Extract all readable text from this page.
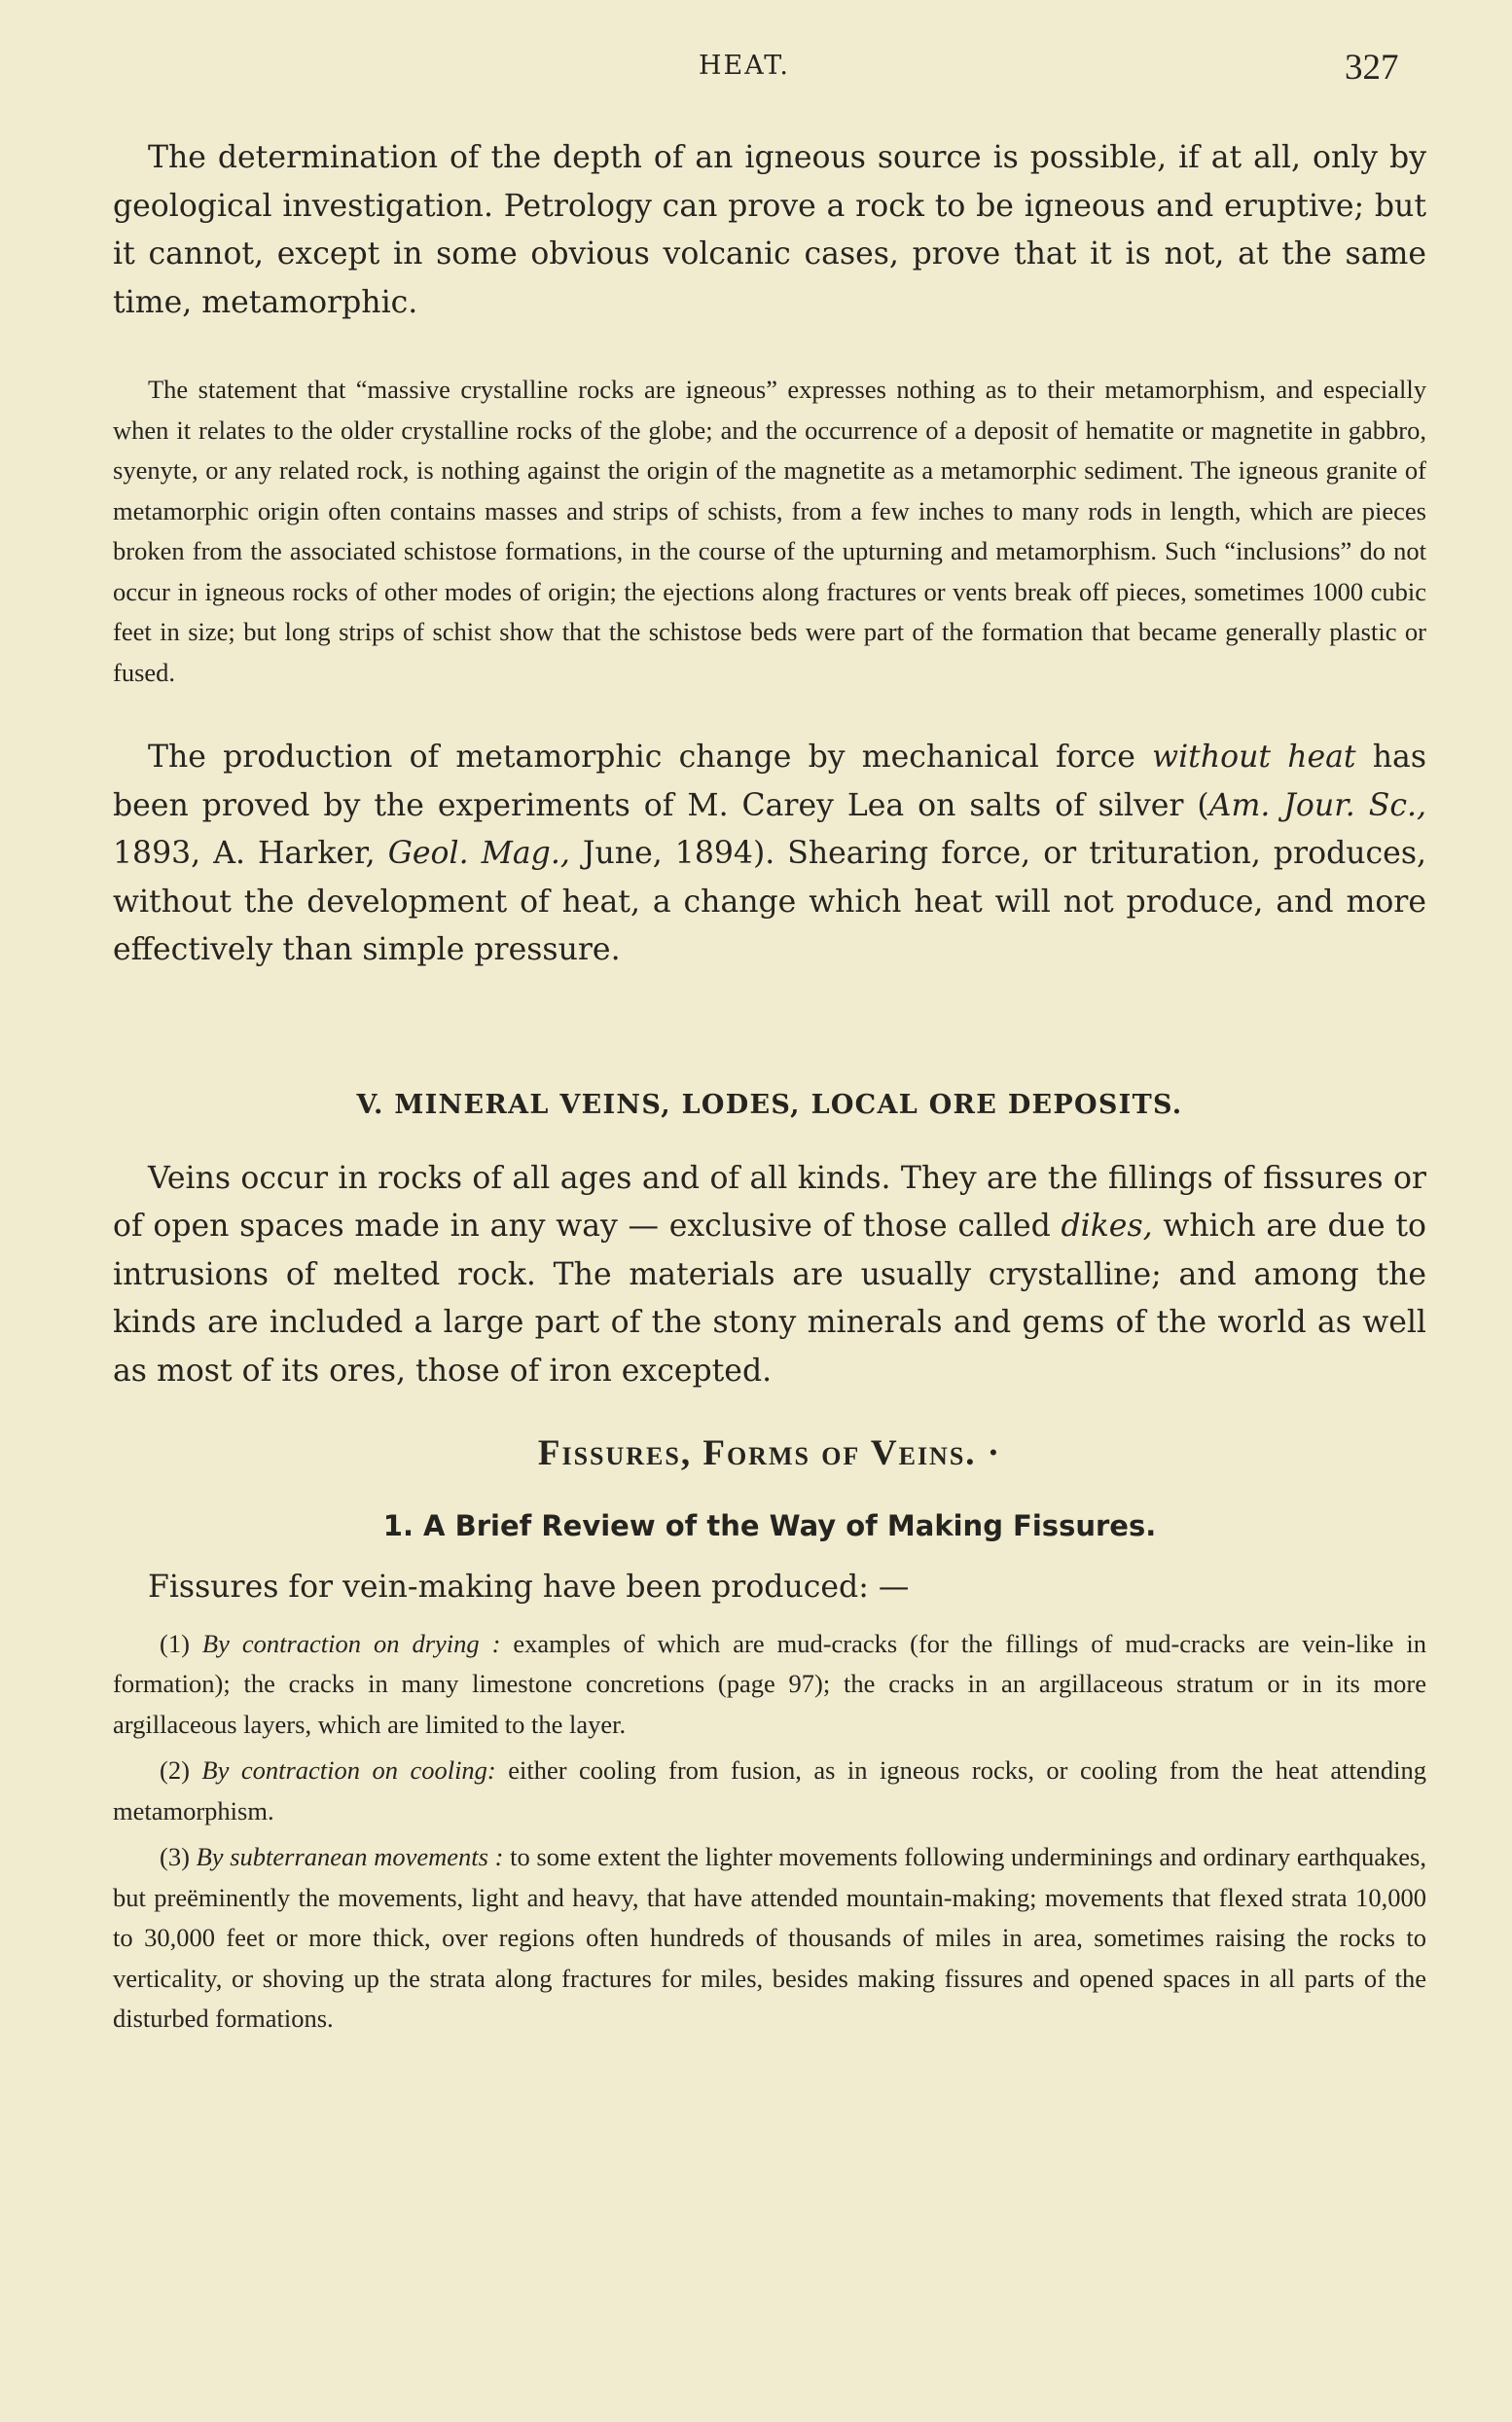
HEAT.	327

The determination of the depth of an igneous source is possible, if at all, only by geological investigation. Petrology can prove a rock to be igneous and eruptive; but it cannot, except in some obvious volcanic cases, prove that it is not, at the same time, metamorphic.

The statement that “massive crystalline rocks are igneous” expresses nothing as to their metamorphism, and especially when it relates to the older crystalline rocks of the globe; and the occurrence of a deposit of hematite or magnetite in gabbro, syenyte, or any related rock, is nothing against the origin of the magnetite as a metamorphic sediment. The igneous granite of metamorphic origin often contains masses and strips of schists, from a few inches to many rods in length, which are pieces broken from the associated schistose formations, in the course of the upturning and metamorphism. Such “inclusions” do not occur in igneous rocks of other modes of origin; the ejections along fractures or vents break off pieces, sometimes 1000 cubic feet in size; but long strips of schist show that the schistose beds were part of the formation that became generally plastic or fused.

The production of metamorphic change by mechanical force without heat has been proved by the experiments of M. Carey Lea on salts of silver (Am. Jour. Sc., 1893, A. Harker, Geol. Mag., June, 1894). Shearing force, or trituration, produces, without the development of heat, a change which heat will not produce, and more effectively than simple pressure.

V. MINERAL VEINS, LODES, LOCAL ORE DEPOSITS.

Veins occur in rocks of all ages and of all kinds. They are the fillings of fissures or of open spaces made in any way — exclusive of those called dikes, which are due to intrusions of melted rock. The materials are usually crystalline; and among the kinds are included a large part of the stony minerals and gems of the world as well as most of its ores, those of iron excepted.

Fissures, Forms of Veins. ·
1. A Brief Review of the Way of Making Fissures.

Fissures for vein-making have been produced: —

(1) By contraction on drying : examples of which are mud-cracks (for the fillings of mud-cracks are vein-like in formation); the cracks in many limestone concretions (page 97); the cracks in an argillaceous stratum or in its more argillaceous layers, which are limited to the layer.

(2) By contraction on cooling: either cooling from fusion, as in igneous rocks, or cooling from the heat attending metamorphism.

(3) By subterranean movements : to some extent the lighter movements following underminings and ordinary earthquakes, but preëminently the movements, light and heavy, that have attended mountain-making; movements that flexed strata 10,000 to 30,000 feet or more thick, over regions often hundreds of thousands of miles in area, sometimes raising the rocks to verticality, or shoving up the strata along fractures for miles, besides making fissures and opened spaces in all parts of the disturbed formations.
